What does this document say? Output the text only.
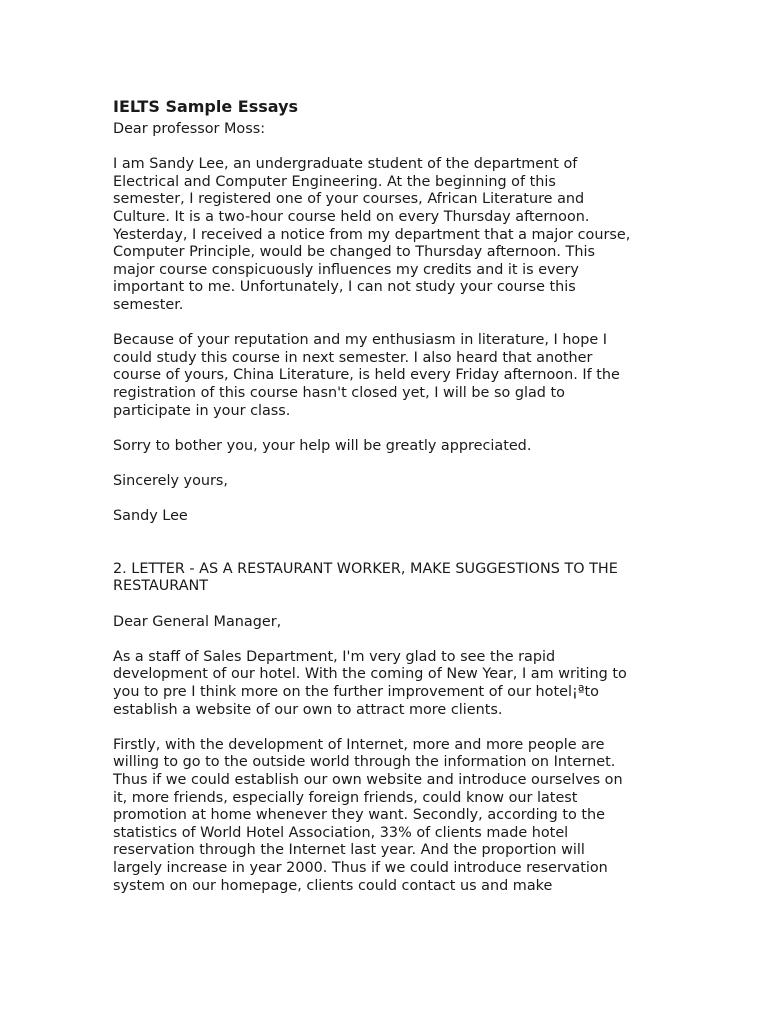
IELTS Sample Essays
Dear professor Moss:
I am Sandy Lee, an undergraduate student of the department of
Electrical and Computer Engineering. At the beginning of this
semester, I registered one of your courses, African Literature and
Culture. It is a two-hour course held on every Thursday afternoon.
Yesterday, I received a notice from my department that a major course,
Computer Principle, would be changed to Thursday afternoon. This
major course conspicuously influences my credits and it is every
important to me. Unfortunately, I can not study your course this
semester.
Because of your reputation and my enthusiasm in literature, I hope I
could study this course in next semester. I also heard that another
course of yours, China Literature, is held every Friday afternoon. If the
registration of this course hasn't closed yet, I will be so glad to
participate in your class.
Sorry to bother you, your help will be greatly appreciated.
Sincerely yours,
Sandy Lee
2. LETTER - AS A RESTAURANT WORKER, MAKE SUGGESTIONS TO THE
RESTAURANT
Dear General Manager,
As a staff of Sales Department, I'm very glad to see the rapid
development of our hotel. With the coming of New Year, I am writing to
you to pre I think more on the further improvement of our hotel¡ªto
establish a website of our own to attract more clients.
Firstly, with the development of Internet, more and more people are
willing to go to the outside world through the information on Internet.
Thus if we could establish our own website and introduce ourselves on
it, more friends, especially foreign friends, could know our latest
promotion at home whenever they want. Secondly, according to the
statistics of World Hotel Association, 33% of clients made hotel
reservation through the Internet last year. And the proportion will
largely increase in year 2000. Thus if we could introduce reservation
system on our homepage, clients could contact us and make
